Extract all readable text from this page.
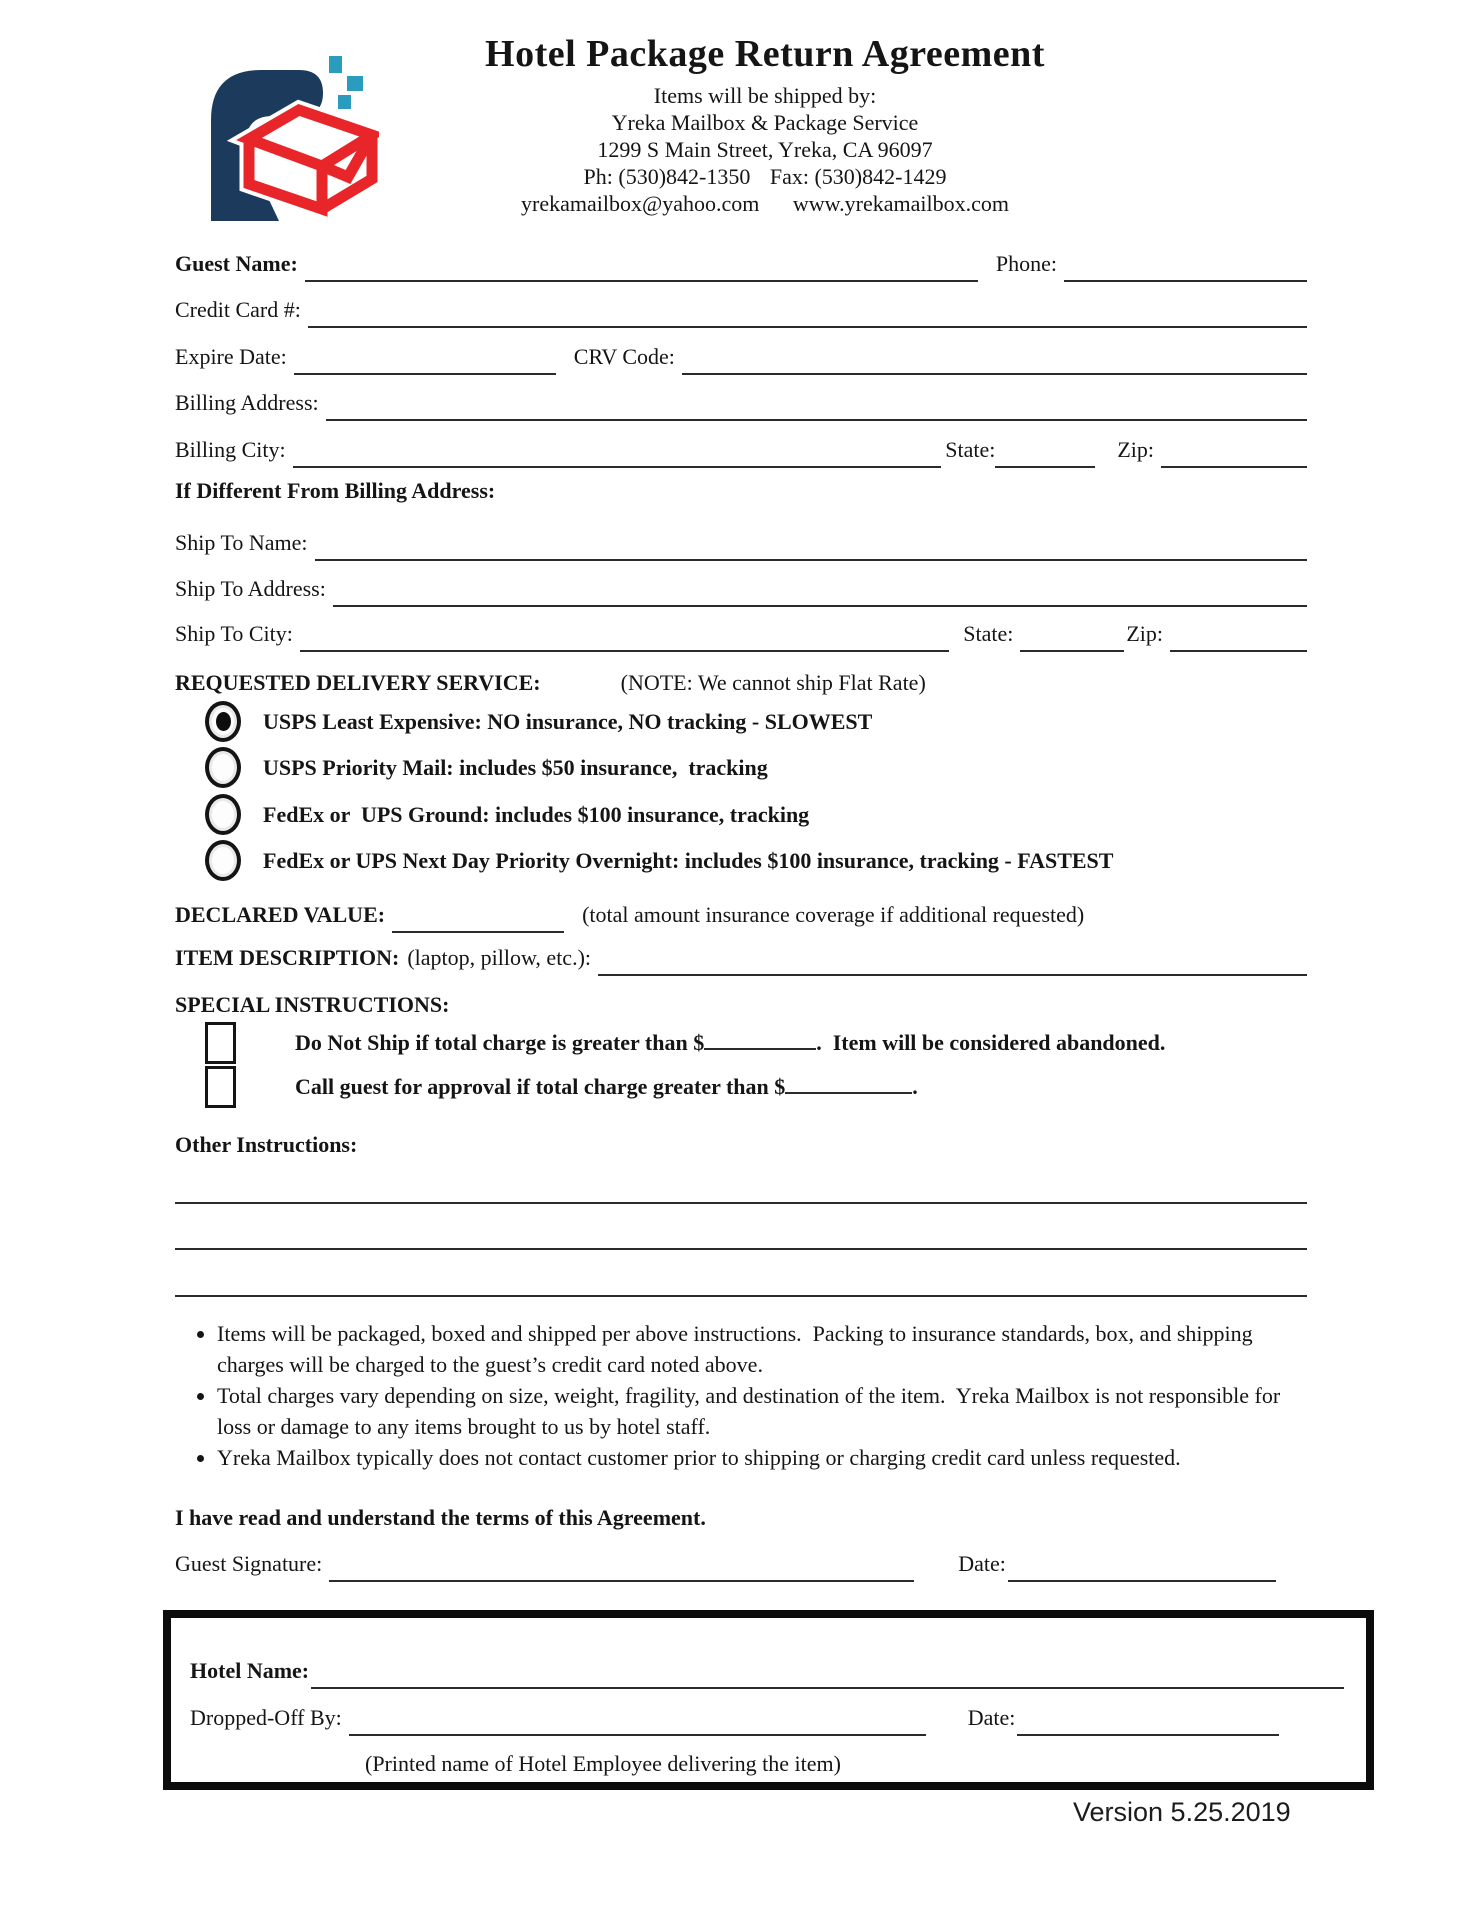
Hotel Package Return Agreement
Items will be shipped by:
Yreka Mailbox & Package Service
1299 S Main Street, Yreka, CA 96097
Ph: (530)842-1350 Fax: (530)842-1429
yrekamailbox@yahoo.com www.yrekamailbox.com
Guest Name:	Phone:
Credit Card #:
Expire Date:	CRV Code:
Billing Address:
Billing City:	State:	Zip:
If Different From Billing Address:
Ship To Name:
Ship To Address:
Ship To City:	State:	Zip:
REQUESTED DELIVERY SERVICE:	(NOTE: We cannot ship Flat Rate)
USPS Least Expensive: NO insurance, NO tracking - SLOWEST
USPS Priority Mail: includes $50 insurance,  tracking
FedEx or  UPS Ground: includes $100 insurance, tracking
FedEx or UPS Next Day Priority Overnight: includes $100 insurance, tracking - FASTEST
DECLARED VALUE:	(total amount insurance coverage if additional requested)
ITEM DESCRIPTION: (laptop, pillow, etc.):
SPECIAL INSTRUCTIONS:

Do Not Ship if total charge is greater than $	.  Item will be considered abandoned.

Call guest for approval if total charge greater than $	.

Other Instructions:
• Items will be packaged, boxed and shipped per above instructions.  Packing to insurance standards, box, and shipping charges will be charged to the guest’s credit card noted above.
• Total charges vary depending on size, weight, fragility, and destination of the item.  Yreka Mailbox is not responsible for loss or damage to any items brought to us by hotel staff.
• Yreka Mailbox typically does not contact customer prior to shipping or charging credit card unless requested.
I have read and understand the terms of this Agreement.
Guest Signature:	Date:
Hotel Name:
Dropped-Off By:	Date:
(Printed name of Hotel Employee delivering the item)
Version 5.25.2019
